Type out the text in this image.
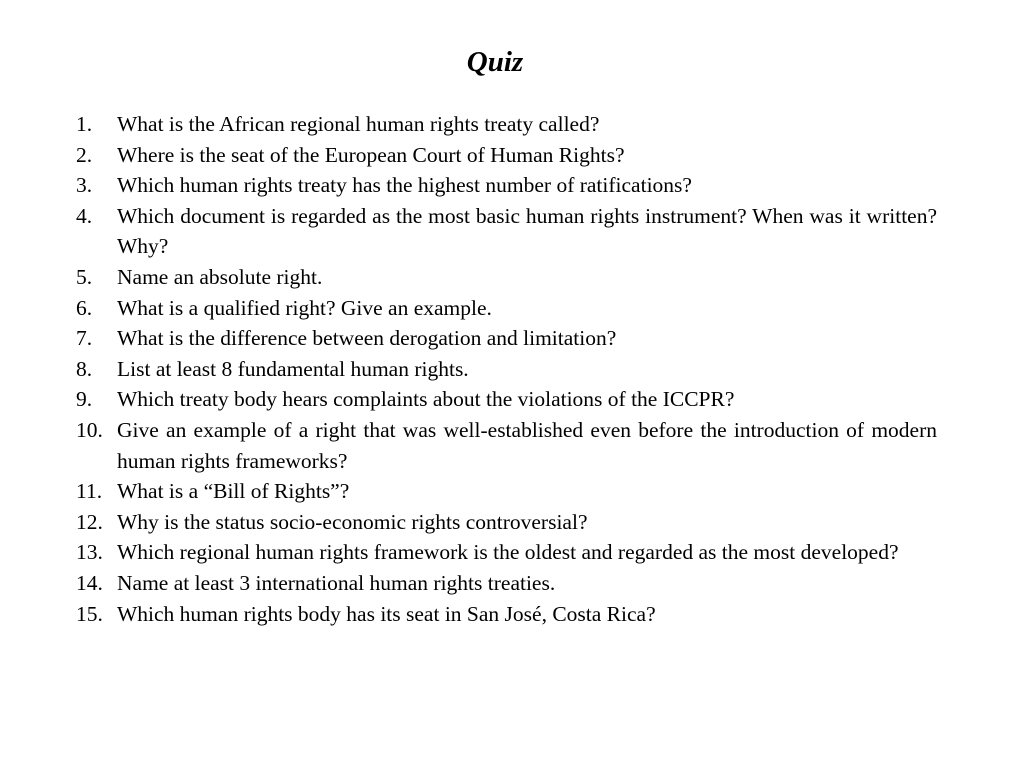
Quiz
1. What is the African regional human rights treaty called?
2. Where is the seat of the European Court of Human Rights?
3. Which human rights treaty has the highest number of ratifications?
4. Which document is regarded as the most basic human rights instrument? When was it written? Why?
5. Name an absolute right.
6. What is a qualified right? Give an example.
7. What is the difference between derogation and limitation?
8. List at least 8 fundamental human rights.
9. Which treaty body hears complaints about the violations of the ICCPR?
10. Give an example of a right that was well-established even before the introduction of modern human rights frameworks?
11. What is a “Bill of Rights”?
12. Why is the status socio-economic rights controversial?
13. Which regional human rights framework is the oldest and regarded as the most developed?
14. Name at least 3 international human rights treaties.
15. Which human rights body has its seat in San José, Costa Rica?
